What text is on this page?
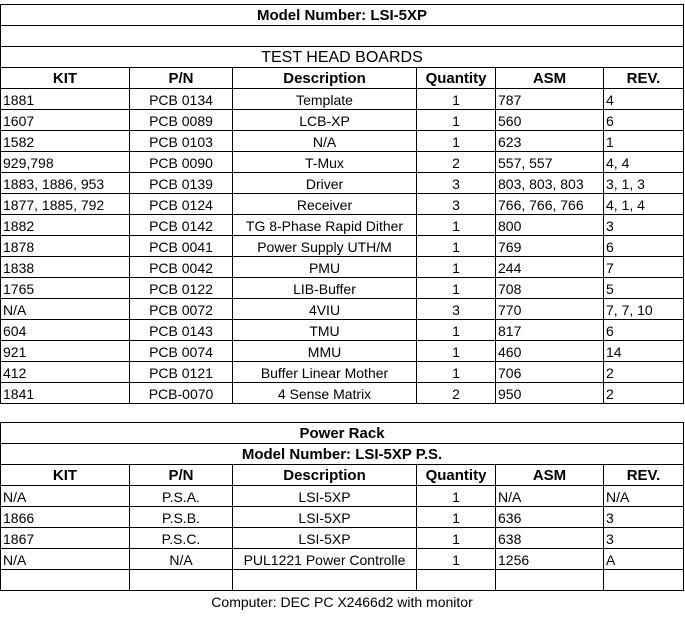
Model Number: LSI-5XP					

TEST HEAD BOARDS					
KIT	P/N	Description	Quantity	ASM	REV.
1881	PCB 0134	Template	1	787	4
1607	PCB 0089	LCB-XP	1	560	6
1582	PCB 0103	N/A	1	623	1
929,798	PCB 0090	T-Mux	2	557, 557	4, 4
1883, 1886, 953	PCB 0139	Driver	3	803, 803, 803	3, 1, 3
1877, 1885, 792	PCB 0124	Receiver	3	766, 766, 766	4, 1, 4
1882	PCB 0142	TG 8-Phase Rapid Dither	1	800	3
1878	PCB 0041	Power Supply UTH/M	1	769	6
1838	PCB 0042	PMU	1	244	7
1765	PCB 0122	LIB-Buffer	1	708	5
N/A	PCB 0072	4VIU	3	770	7, 7, 10
604	PCB 0143	TMU	1	817	6
921	PCB 0074	MMU	1	460	14
412	PCB 0121	Buffer Linear Mother	1	706	2
1841	PCB-0070	4 Sense Matrix	2	950	2
Power Rack					
Model Number: LSI-5XP P.S.					
KIT	P/N	Description	Quantity	ASM	REV.
N/A	P.S.A.	LSI-5XP	1	N/A	N/A
1866	P.S.B.	LSI-5XP	1	636	3
1867	P.S.C.	LSI-5XP	1	638	3
N/A	N/A	PUL1221 Power Controlle	1	1256	A

Computer: DEC PC X2466d2 with monitor					
